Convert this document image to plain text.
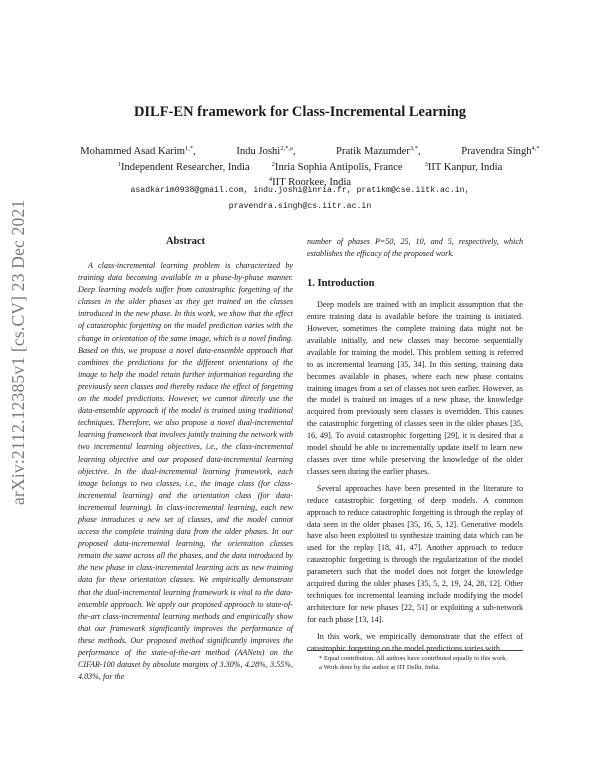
arXiv:2112.12385v1 [cs.CV] 23 Dec 2021
DILF-EN framework for Class-Incremental Learning
Mohammed Asad Karim$^{1,*}$,	Indu Joshi$^{2,*,a}$,	Pratik Mazumder$^{3,*}$,	Pravendra Singh$^{4,*}$
$^1$Independent Researcher, India	$^2$Inria Sophia Antipolis, France	$^3$IIT Kanpur, India
$^4$IIT Roorkee, India
asadkarim0938@gmail.com, indu.joshi@inria.fr, pratikm@cse.iitk.ac.in,
pravendra.singh@cs.iitr.ac.in
Abstract

A class-incremental learning problem is characterized by training data becoming available in a phase-by-phase manner. Deep learning models suffer from catastrophic forgetting of the classes in the older phases as they get trained on the classes introduced in the new phase. In this work, we show that the effect of catastrophic forgetting on the model prediction varies with the change in orientation of the same image, which is a novel finding. Based on this, we propose a novel data-ensemble approach that combines the predictions for the different orientations of the image to help the model retain further information regarding the previously seen classes and thereby reduce the effect of forgetting on the model predictions. However, we cannot directly use the data-ensemble approach if the model is trained using traditional techniques. Therefore, we also propose a novel dual-incremental learning framework that involves jointly training the network with two incremental learning objectives, i.e., the class-incremental learning objective and our proposed data-incremental learning objective. In the dual-incremental learning framework, each image belongs to two classes, i.e., the image class (for class-incremental learning) and the orientation class (for data-incremental learning). In class-incremental learning, each new phase introduces a new set of classes, and the model cannot access the complete training data from the older phases. In our proposed data-incremental learning, the orientation classes remain the same across all the phases, and the data introduced by the new phase in class-incremental learning acts as new training data for these orientation classes. We empirically demonstrate that the dual-incremental learning framework is vital to the data-ensemble approach. We apply our proposed approach to state-of-the-art class-incremental learning methods and empirically show that our framework significantly improves the performance of these methods. Our proposed method significantly improves the performance of the state-of-the-art method (AANets) on the CIFAR-100 dataset by absolute margins of 3.30%, 4.28%, 3.55%, 4.03%, for the

number of phases P=50, 25, 10, and 5, respectively, which establishes the efficacy of the proposed work.

1. Introduction

Deep models are trained with an implicit assumption that the entire training data is available before the training is initiated. However, sometimes the complete training data might not be available initially, and new classes may become sequentially available for training the model. This problem setting is referred to as incremental learning [35, 34]. In this setting, training data becomes available in phases, where each new phase contains training images from a set of classes not seen earlier. However, as the model is trained on images of a new phase, the knowledge acquired from previously seen classes is overridden. This causes the catastrophic forgetting of classes seen in the older phases [35, 16, 49]. To avoid catastrophic forgetting [29], it is desired that a model should be able to incrementally update itself to learn new classes over time while preserving the knowledge of the older classes seen during the earlier phases.

Several approaches have been presented in the literature to reduce catastrophic forgetting of deep models. A common approach to reduce catastrophic forgetting is through the replay of data seen in the older phases [35, 16, 5, 12]. Generative models have also been exploited to synthesize training data which can be used for the replay [18, 41, 47]. Another approach to reduce catastrophic forgetting is through the regularization of the model parameters such that the model does not forget the knowledge acquired during the older phases [35, 5, 2, 19, 24, 28, 12]. Other techniques for incremental learning include modifying the model architecture for new phases [22, 51] or exploiting a sub-network for each phase [13, 14].

In this work, we empirically demonstrate that the effect of catastrophic forgetting on the model predictions varies with

* Equal contribution. All authors have contributed equally to this work.

a Work done by the author at IIT Delhi, India.
